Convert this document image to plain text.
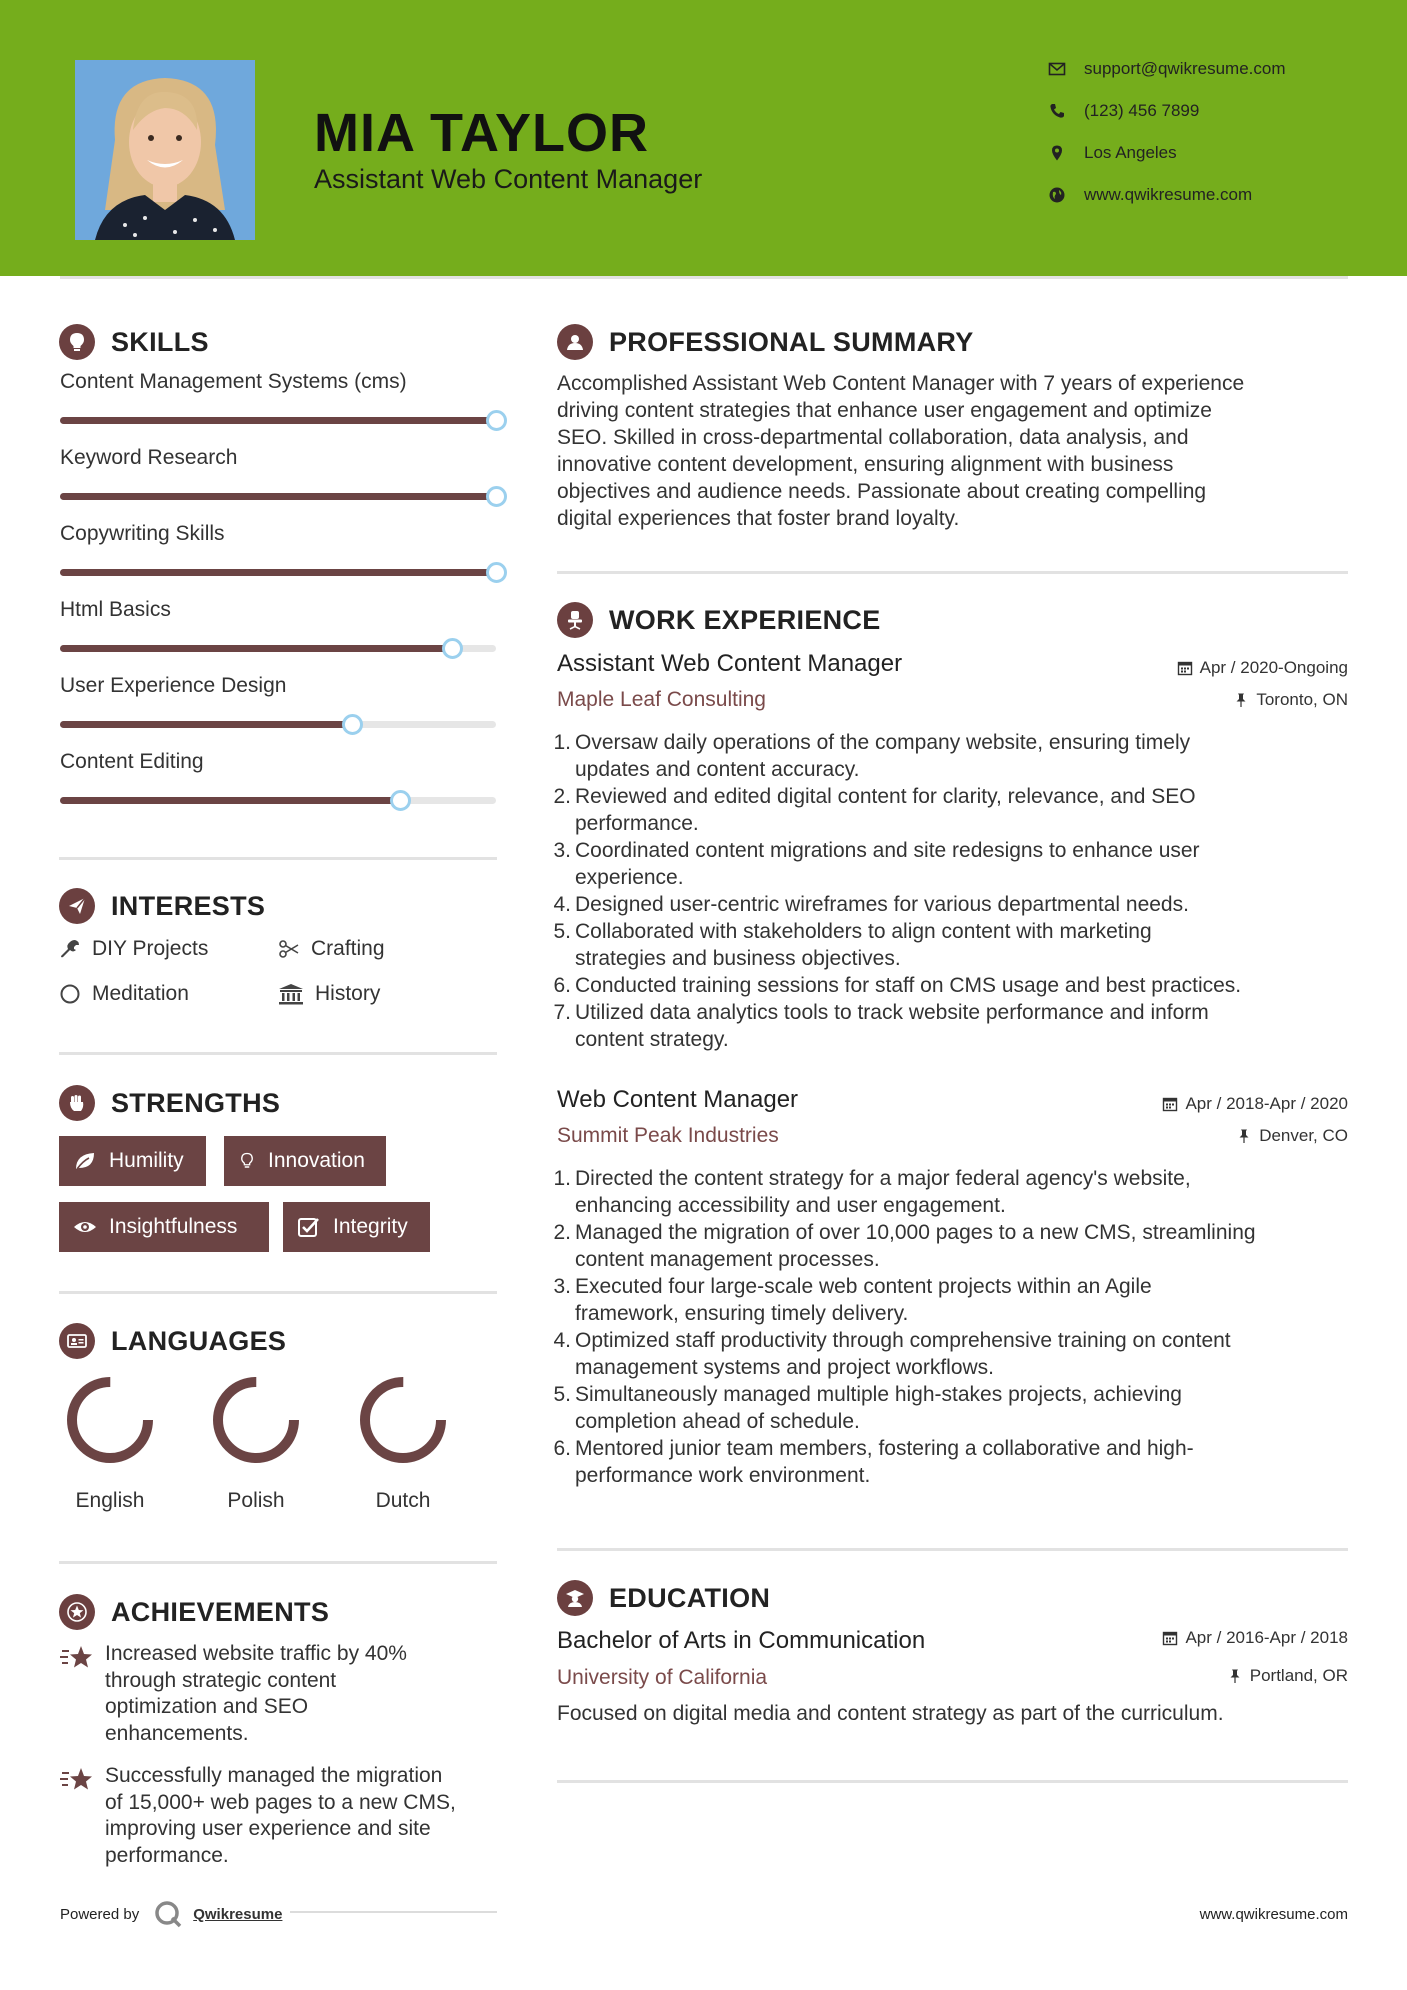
MIA TAYLOR
Assistant Web Content Manager
support@qwikresume.com
(123) 456 7899
Los Angeles
www.qwikresume.com
SKILLS
Content Management Systems (cms)
Keyword Research
Copywriting Skills
Html Basics
User Experience Design
Content Editing
INTERESTS
DIY Projects	Crafting
Meditation	History
STRENGTHS
Humility	Innovation
Insightfulness	Integrity
LANGUAGES
English	Polish	Dutch
ACHIEVEMENTS
Increased website traffic by 40%
through strategic content
optimization and SEO
enhancements.
Successfully managed the migration
of 15,000+ web pages to a new CMS,
improving user experience and site
performance.
PROFESSIONAL SUMMARY
Accomplished Assistant Web Content Manager with 7 years of experience
driving content strategies that enhance user engagement and optimize
SEO. Skilled in cross-departmental collaboration, data analysis, and
innovative content development, ensuring alignment with business
objectives and audience needs. Passionate about creating compelling
digital experiences that foster brand loyalty.
WORK EXPERIENCE
Assistant Web Content Manager
Maple Leaf Consulting
Apr / 2020-Ongoing
Toronto, ON
1. Oversaw daily operations of the company website, ensuring timely
updates and content accuracy.
2. Reviewed and edited digital content for clarity, relevance, and SEO
performance.
3. Coordinated content migrations and site redesigns to enhance user
experience.
4. Designed user-centric wireframes for various departmental needs.
5. Collaborated with stakeholders to align content with marketing
strategies and business objectives.
6. Conducted training sessions for staff on CMS usage and best practices.
7. Utilized data analytics tools to track website performance and inform
content strategy.
Web Content Manager
Summit Peak Industries
Apr / 2018-Apr / 2020
Denver, CO
1. Directed the content strategy for a major federal agency's website,
enhancing accessibility and user engagement.
2. Managed the migration of over 10,000 pages to a new CMS, streamlining
content management processes.
3. Executed four large-scale web content projects within an Agile
framework, ensuring timely delivery.
4. Optimized staff productivity through comprehensive training on content
management systems and project workflows.
5. Simultaneously managed multiple high-stakes projects, achieving
completion ahead of schedule.
6. Mentored junior team members, fostering a collaborative and high-
performance work environment.
EDUCATION
Bachelor of Arts in Communication
University of California
Apr / 2016-Apr / 2018
Portland, OR
Focused on digital media and content strategy as part of the curriculum.
Powered by	Qwikresume	www.qwikresume.com
